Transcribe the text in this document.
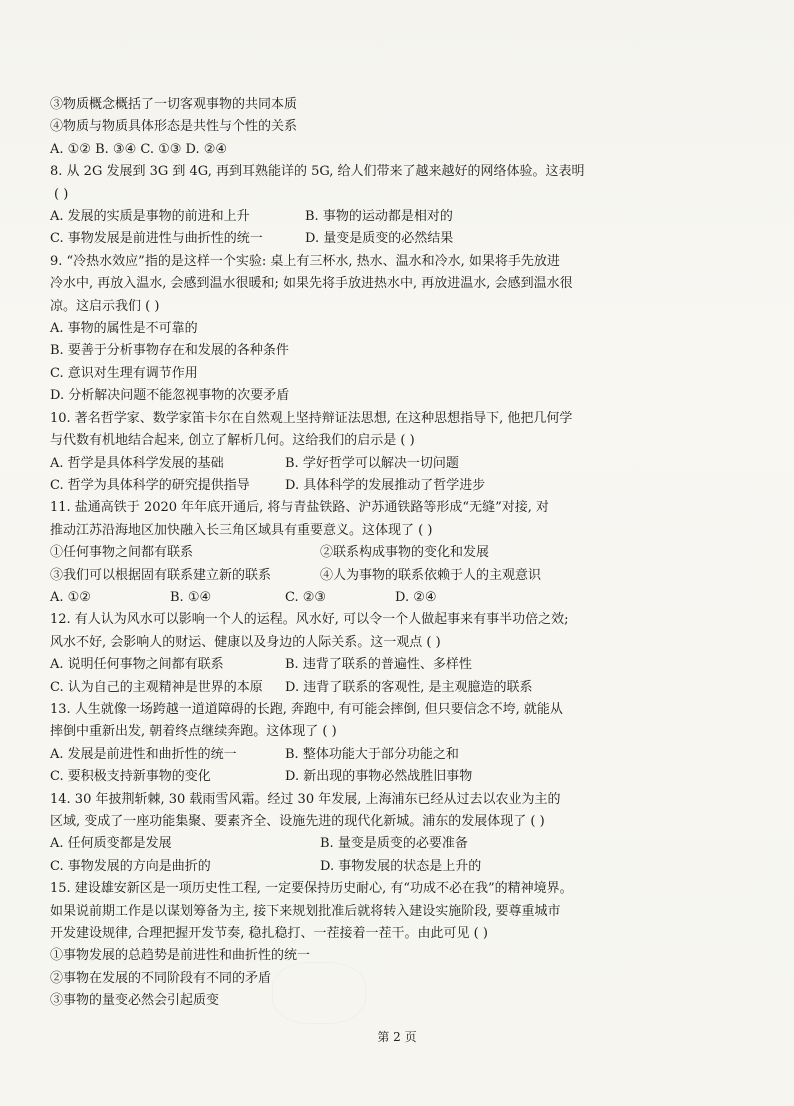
③物质概念概括了一切客观事物的共同本质
④物质与物质具体形态是共性与个性的关系
A. ①② B. ③④ C. ①③ D. ②④
8. 从 2G 发展到 3G 到 4G, 再到耳熟能详的 5G, 给人们带来了越来越好的网络体验。这表明
( )
A. 发展的实质是事物的前进和上升	B. 事物的运动都是相对的
C. 事物发展是前进性与曲折性的统一	D. 量变是质变的必然结果
9. “冷热水效应”指的是这样一个实验: 桌上有三杯水, 热水、温水和冷水, 如果将手先放进
冷水中, 再放入温水, 会感到温水很暖和; 如果先将手放进热水中, 再放进温水, 会感到温水很
凉。这启示我们 ( )
A. 事物的属性是不可靠的
B. 要善于分析事物存在和发展的各种条件
C. 意识对生理有调节作用
D. 分析解决问题不能忽视事物的次要矛盾
10. 著名哲学家、数学家笛卡尔在自然观上坚持辩证法思想, 在这种思想指导下, 他把几何学
与代数有机地结合起来, 创立了解析几何。这给我们的启示是 ( )
A. 哲学是具体科学发展的基础	B. 学好哲学可以解决一切问题
C. 哲学为具体科学的研究提供指导	D. 具体科学的发展推动了哲学进步
11. 盐通高铁于 2020 年年底开通后, 将与青盐铁路、沪苏通铁路等形成“无缝”对接, 对
推动江苏沿海地区加快融入长三角区域具有重要意义。这体现了 ( )
①任何事物之间都有联系	②联系构成事物的变化和发展
③我们可以根据固有联系建立新的联系	④人为事物的联系依赖于人的主观意识
A. ①②	B. ①④	C. ②③	D. ②④
12. 有人认为风水可以影响一个人的运程。风水好, 可以令一个人做起事来有事半功倍之效;
风水不好, 会影响人的财运、健康以及身边的人际关系。这一观点 ( )
A. 说明任何事物之间都有联系	B. 违背了联系的普遍性、多样性
C. 认为自己的主观精神是世界的本原	D. 违背了联系的客观性, 是主观臆造的联系
13. 人生就像一场跨越一道道障碍的长跑, 奔跑中, 有可能会摔倒, 但只要信念不垮, 就能从
摔倒中重新出发, 朝着终点继续奔跑。这体现了 ( )
A. 发展是前进性和曲折性的统一	B. 整体功能大于部分功能之和
C. 要积极支持新事物的变化	D. 新出现的事物必然战胜旧事物
14. 30 年披荆斩棘, 30 载雨雪风霜。经过 30 年发展, 上海浦东已经从过去以农业为主的
区域, 变成了一座功能集聚、要素齐全、设施先进的现代化新城。浦东的发展体现了 ( )
A. 任何质变都是发展	B. 量变是质变的必要准备
C. 事物发展的方向是曲折的	D. 事物发展的状态是上升的
15. 建设雄安新区是一项历史性工程, 一定要保持历史耐心, 有“功成不必在我”的精神境界。
如果说前期工作是以谋划筹备为主, 接下来规划批准后就将转入建设实施阶段, 要尊重城市
开发建设规律, 合理把握开发节奏, 稳扎稳打、一茬接着一茬干。由此可见 ( )
①事物发展的总趋势是前进性和曲折性的统一
②事物在发展的不同阶段有不同的矛盾
③事物的量变必然会引起质变
第 2 页
